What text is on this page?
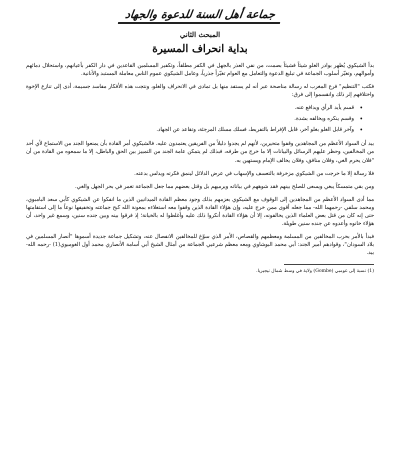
جماعة أهل السنة للدعوة والجهاد
المبحث الثاني
بداية انحراف المسيرة

بدأ الشيكوي يُظهر بوادر الغلو شيئاً فشيئاً بصمت، من نفي العذر بالجهل في الكفر مطلقاً، وتكفير المسلمين القاعدين في دار الكفر بأعيانهم، واستحلال دمائهم وأموالهم، وتغيّر أسلوب الجماعة في تبليغ الدعوة والتعامل مع العوام تغيّراً جذرياً، وعامل الشيكوي عموم الناس معاملة المستبد والأنانية.

فكتب "التنظيم" فرع المغرب له رسالة مناصحة عبر أنه لم يستفد منها بل تمادى في الانحراف والغلو، ونتجت هذه الأفكار مفاسد جسيمة، أدى إلى تنازع الإخوة واختلافهم إثر ذلك وانقسموا إلى فرق:

• قسم يأيد الرأي ويدافع عنه.
• وقسم ينكره ويخالفه بشدة.
• وآخر قابل الغلو بغلو آخر، قابل الإفراط بالتفريط، فسلك مسلك المرجئة، وتقاعد عن الجهاد.

بيد أن السواد الأعظم من المجاهدين وقفوا متحيرين، لأنهم لم يجدوا دليلاً من الفريقين يعتمدون عليه. فالشيكوي أمر القادة بأن يمنعوا الجند من الاستماع لأي أحد من المخالفين، وحظر عليهم الرسائل والبيانات إلا ما خرج من طرفه، فبذلك لم يتمكن عامة الجند من التمييز بين الحق والباطل، إلا ما سمعوه من القادة من أن "فلان يحرم الغي، وفلان منافق، وفلان يخالف الإمام ويستهين به.

فلا رسالة إلا ما خرجت من الشيكوي مزخرفة بالتعسف والإسهاب في عرض الدلائل لينمق فكرته ويدلس بدعته.

ومن بقي متمسكاً يبغي ويسعى للصلح بينهم فقد شوههم في بياناته ويرميهم بل وقتل بعضهم مما جعل الجماعة تغمر في بحر الجهل والغي.

مما أدى السواد الأعظم من المجاهدين إلى الوقوف مع الشيكوي بعزمهم بذلك وجود معظم القادة الميدانيين الذين ما انفكوا عن الشيكوي كأبي سعد البامبوي، ومحمد سلفي -رحمهما الله- مما جعله أقوى ممن خرج عليه، وإن هؤلاء القادة الذين وقفوا معه استعلاءه بمعونة الله كبح جماعته وتخفيفها نوعاً ما إلى استقامتها حتى إنه كان من قتل بعض العلماء الذين يخالفونه، إلا أن هؤلاء القادة أنكروا ذلك عليه وأغلظوا له بالخيانة؛ إذ فرقوا بينه وبين جنده سنين، وسمع غير واحد، أن هؤلاء خانوه وأعدوه عن جنده سنين طويلة.

فبدأ بالأمر بحرب المخالفين من المسلمة ومعظمهم والقصاص، الأمر الذي سوّغ للمخالفين الانفصال عنه، وتشكيل جماعة جديدة أسموها "أنصار المسلمين في بلاد السودان"، وقوادهم أمير الجند: أبي محمد البوشاوي ومعه معظم شرعيي الجماعة من أمثال الشيخ أبي أسامة الأنصاري محمد أول الغومبوي(1) -رحمه الله- بيد.

(1) نسبة إلى غومبي (Gombe) ولاية في وسط شمال نيجيريا.
